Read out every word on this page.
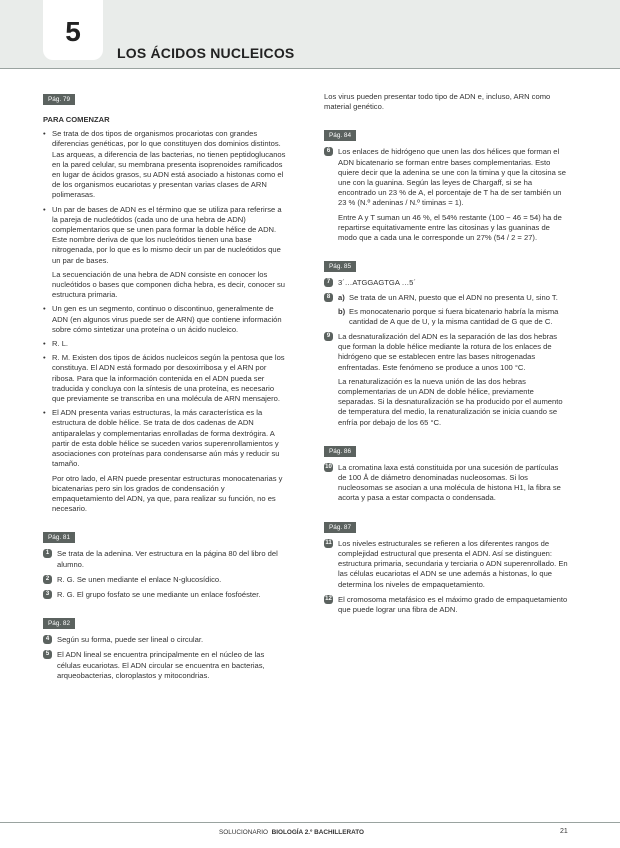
5
LOS ÁCIDOS NUCLEICOS
Pág. 79
PARA COMENZAR

• Se trata de dos tipos de organismos procariotas con grandes diferencias genéticas, por lo que constituyen dos dominios distintos. Las arqueas, a diferencia de las bacterias, no tienen peptidoglucanos en la pared celular, su membrana presenta isoprenoides ramificados en lugar de ácidos grasos, su ADN está asociado a histonas como el de los organismos eucariotas y presentan varias clases de ARN polimerasas.

• Un par de bases de ADN es el término que se utiliza para referirse a la pareja de nucleótidos (cada uno de una hebra de ADN) complementarios que se unen para formar la doble hélice de ADN. Este nombre deriva de que los nucleótidos tienen una base nitrogenada, por lo que es lo mismo decir un par de nucleótidos que un par de bases.

La secuenciación de una hebra de ADN consiste en conocer los nucleótidos o bases que componen dicha hebra, es decir, conocer su estructura primaria.

• Un gen es un segmento, continuo o discontinuo, generalmente de ADN (en algunos virus puede ser de ARN) que contiene información sobre cómo sintetizar una proteína o un ácido nucleico.

• R. L.

• R. M. Existen dos tipos de ácidos nucleicos según la pentosa que los constituya. El ADN está formado por desoxirribosa y el ARN por ribosa. Para que la información contenida en el ADN pueda ser traducida y concluya con la síntesis de una proteína, es necesario que previamente se transcriba en una molécula de ARN mensajero.

• El ADN presenta varias estructuras, la más característica es la estructura de doble hélice. Se trata de dos cadenas de ADN antiparalelas y complementarias enrolladas de forma dextrógira. A partir de esta doble hélice se suceden varios superenrollamientos y asociaciones con proteínas para condensarse aún más y reducir su tamaño.

Por otro lado, el ARN puede presentar estructuras monocatenarias y bicatenarias pero sin los grados de condensación y empaquetamiento del ADN, ya que, para realizar su función, no es necesario.

Pág. 81
1	Se trata de la adenina. Ver estructura en la página 80 del libro del alumno.
2	R. G. Se unen mediante el enlace N-glucosídico.
3	R. G. El grupo fosfato se une mediante un enlace fosfoéster.
Pág. 82
4	Según su forma, puede ser lineal o circular.
5	El ADN lineal se encuentra principalmente en el núcleo de las células eucariotas. El ADN circular se encuentra en bacterias, arqueobacterias, cloroplastos y mitocondrias.

Los virus pueden presentar todo tipo de ADN e, incluso, ARN como material genético.

Pág. 84
6	Los enlaces de hidrógeno que unen las dos hélices que forman el ADN bicatenario se forman entre bases complementarias. Esto quiere decir que la adenina se une con la timina y que la citosina se une con la guanina. Según las leyes de Chargaff, si se ha encontrado un 23 % de A, el porcentaje de T ha de ser también un 23 % (N.º adeninas / N.º timinas = 1).

Entre A y T suman un 46 %, el 54% restante (100 − 46 = 54) ha de repartirse equitativamente entre las citosinas y las guaninas de modo que a cada una le corresponde un 27% (54 / 2 = 27).

Pág. 85
7	3´…ATGGAGTGA …5´
8	a) Se trata de un ARN, puesto que el ADN no presenta U, sino T.
b) Es monocatenario porque si fuera bicatenario habría la misma cantidad de A que de U, y la misma cantidad de G que de C.
9	La desnaturalización del ADN es la separación de las dos hebras que forman la doble hélice mediante la rotura de los enlaces de hidrógeno que se establecen entre las bases nitrogenadas enfrentadas. Este fenómeno se produce a unos 100 °C.

La renaturalización es la nueva unión de las dos hebras complementarias de un ADN de doble hélice, previamente separadas. Si la desnaturalización se ha producido por el aumento de temperatura del medio, la renaturalización se inicia cuando se enfría por debajo de los 65 °C.

Pág. 86
10 La cromatina laxa está constituida por una sucesión de partículas de 100 Å de diámetro denominadas nucleosomas. Si los nucleosomas se asocian a una molécula de histona H1, la fibra se acorta y pasa a estar compacta o condensada.
Pág. 87
11 Los niveles estructurales se refieren a los diferentes rangos de complejidad estructural que presenta el ADN. Así se distinguen: estructura primaria, secundaria y terciaria o ADN superenrollado. En las células eucariotas el ADN se une además a histonas, lo que determina los niveles de empaquetamiento.
12 El cromosoma metafásico es el máximo grado de empaquetamiento que puede lograr una fibra de ADN.
SOLUCIONARIO BIOLOGÍA 2.º BACHILLERATO	21
